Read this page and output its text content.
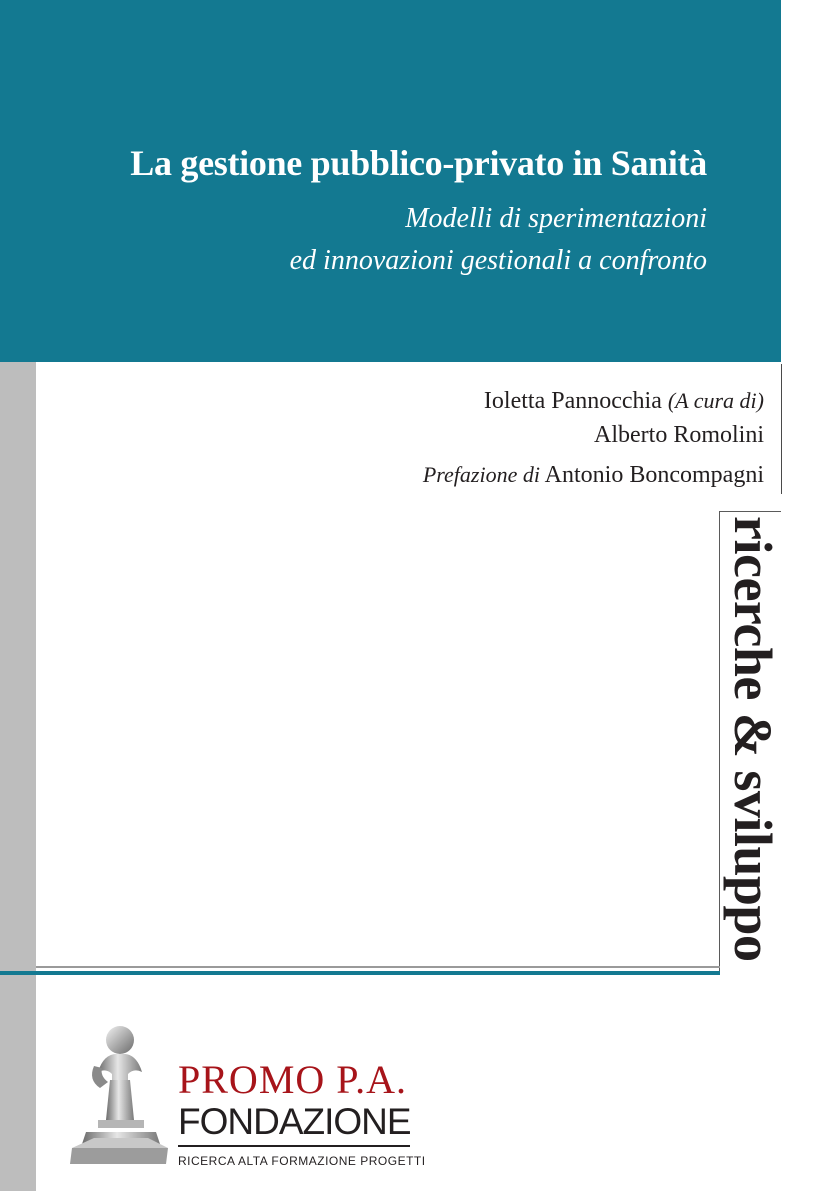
La gestione pubblico-privato in Sanità
Modelli di sperimentazioni
ed innovazioni gestionali a confronto
Ioletta Pannocchia (A cura di)
Alberto Romolini
Prefazione di Antonio Boncompagni
ricerche & sviluppo
PROMO P.A.
FONDAZIONE
RICERCA ALTA FORMAZIONE PROGETTI
